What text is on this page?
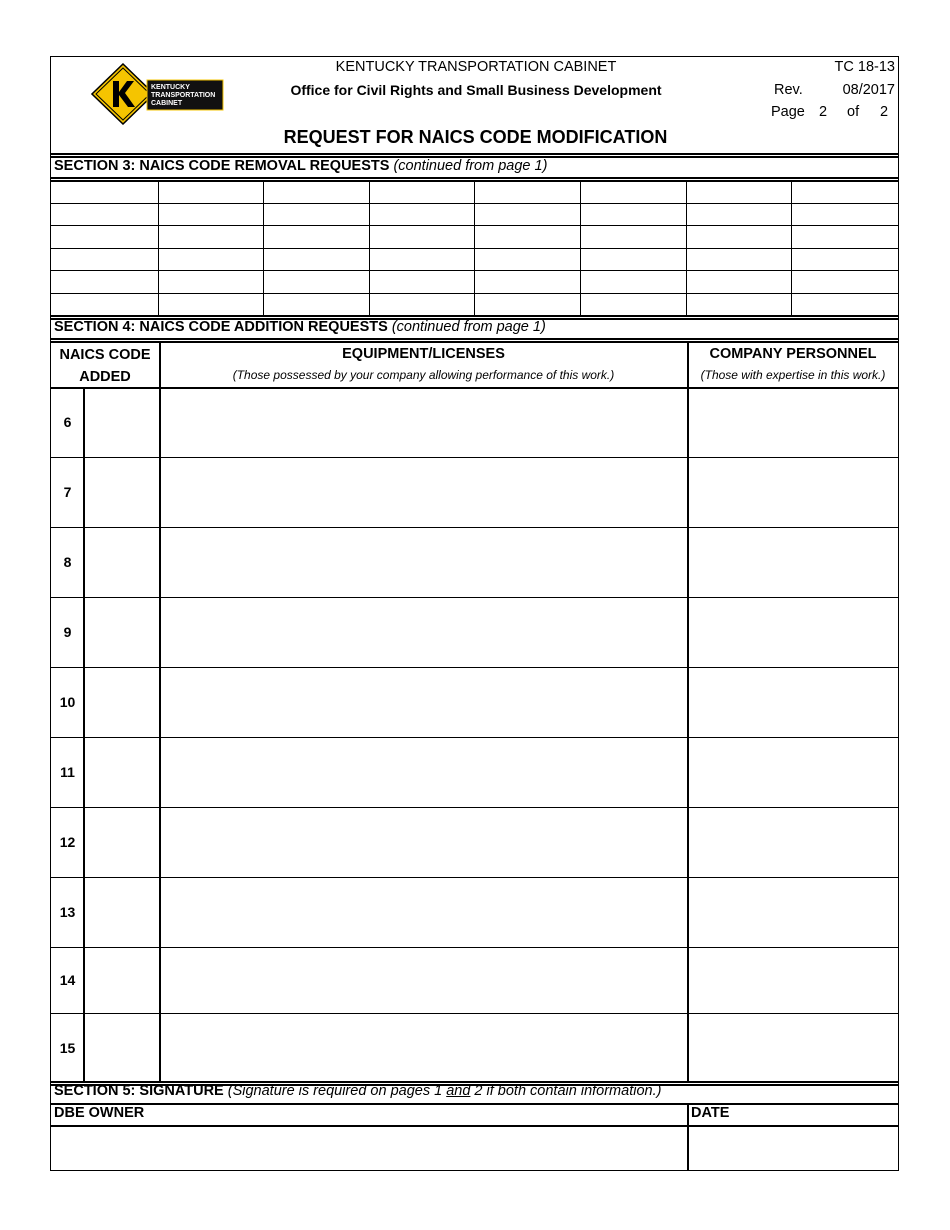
KENTUCKY
TRANSPORTATION
CABINET
KENTUCKY TRANSPORTATION CABINET
Office for Civil Rights and Small Business Development
TC 18-13
Rev.	08/2017
Page 2 of 2
REQUEST FOR NAICS CODE MODIFICATION
SECTION 3: NAICS CODE REMOVAL REQUESTS (continued from page 1)
SECTION 4: NAICS CODE ADDITION REQUESTS (continued from page 1)
NAICS CODE
ADDED
EQUIPMENT/LICENSES
(Those possessed by your company allowing performance of this work.)
COMPANY PERSONNEL
(Those with expertise in this work.)
6
7
8
9
10
11
12
13
14
15
SECTION 5: SIGNATURE (Signature is required on pages 1 and 2 if both contain information.)
DBE OWNER	DATE
